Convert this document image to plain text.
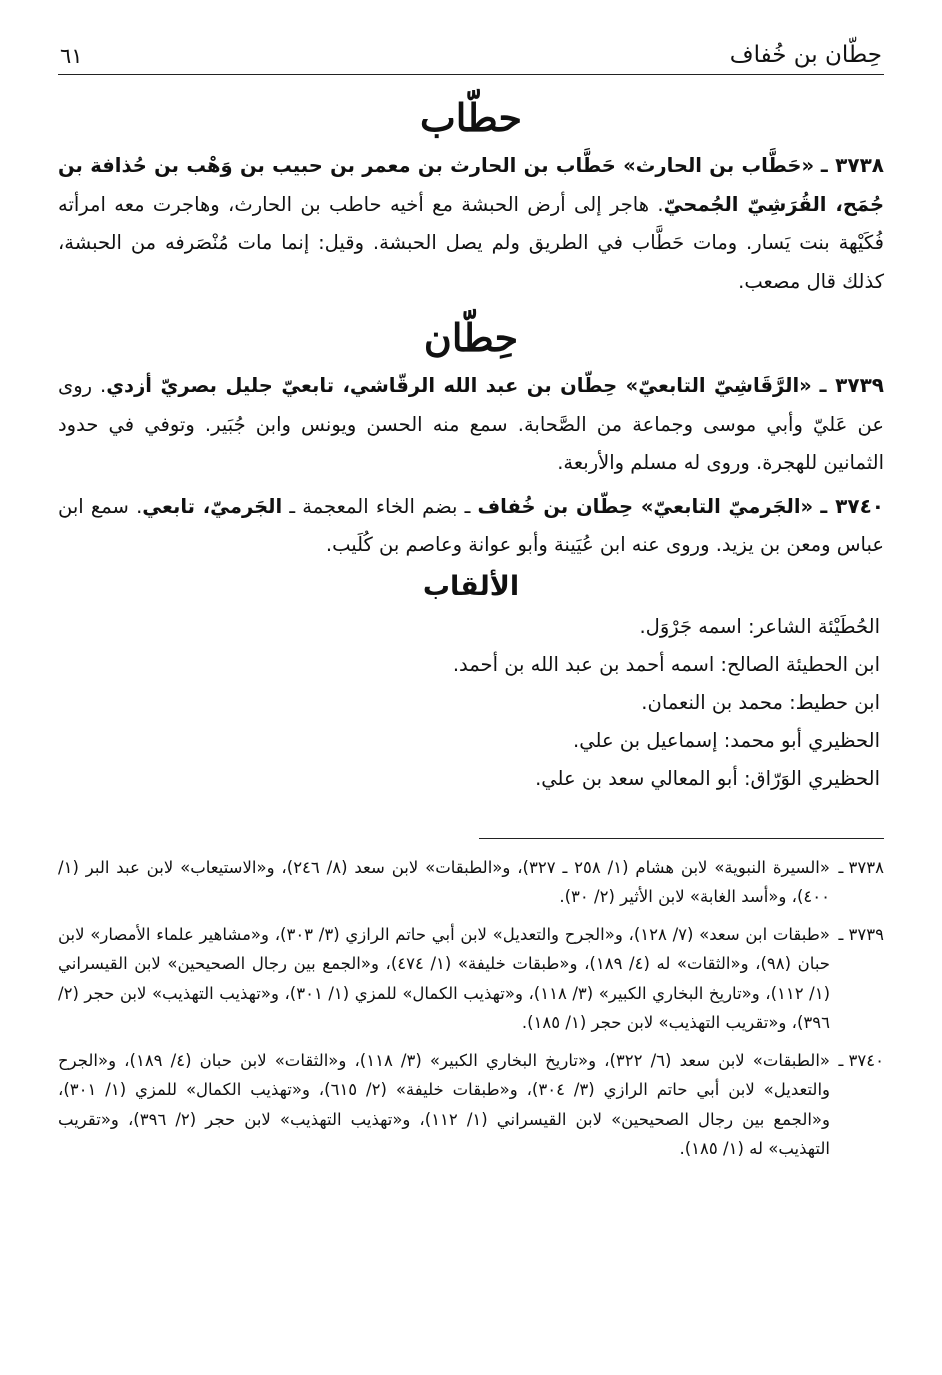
حِطّان بن خُفاف
٦١
حطّاب

٣٧٣٨ ـ «حَطَّاب بن الحارث» حَطَّاب بن الحارث بن معمر بن حبيب بن وَهْب بن حُذافة بن جُمَح، القُرَشِيّ الجُمحيّ. هاجر إلى أرض الحبشة مع أخيه حاطب بن الحارث، وهاجرت معه امرأته فُكَيْهة بنت يَسار. ومات حَطَّاب في الطريق ولم يصل الحبشة. وقيل: إنما مات مُنْصَرفه من الحبشة، كذلك قال مصعب.

حِطّان

٣٧٣٩ ـ «الرَّقَاشِيّ التابعيّ» حِطّان بن عبد الله الرقّاشي، تابعيّ جليل بصريّ أزدي. روى عن عَليّ وأبي موسى وجماعة من الصَّحابة. سمع منه الحسن ويونس وابن جُبَير. وتوفي في حدود الثمانين للهجرة. وروى له مسلم والأربعة.

٣٧٤٠ ـ «الجَرميّ التابعيّ» حِطّان بن خُفاف ـ بضم الخاء المعجمة ـ الجَرميّ، تابعي. سمع ابن عباس ومعن بن يزيد. وروى عنه ابن عُيَينة وأبو عوانة وعاصم بن كُلَيب.

الألقاب
الحُطَيْئة الشاعر: اسمه جَرْوَل.
ابن الحطيئة الصالح: اسمه أحمد بن عبد الله بن أحمد.
ابن حطيط: محمد بن النعمان.
الحظيري أبو محمد: إسماعيل بن علي.
الحظيري الوَرّاق: أبو المعالي سعد بن علي.
٣٧٣٨ ـ
«السيرة النبوية» لابن هشام (١/ ٢٥٨ ـ ٣٢٧)، و«الطبقات» لابن سعد (٨/ ٢٤٦)، و«الاستيعاب» لابن عبد البر (١/ ٤٠٠)، و«أسد الغابة» لابن الأثير (٢/ ٣٠).
٣٧٣٩ ـ
«طبقات ابن سعد» (٧/ ١٢٨)، و«الجرح والتعديل» لابن أبي حاتم الرازي (٣/ ٣٠٣)، و«مشاهير علماء الأمصار» لابن حبان (٩٨)، و«الثقات» له (٤/ ١٨٩)، و«طبقات خليفة» (١/ ٤٧٤)، و«الجمع بين رجال الصحيحين» لابن القيسراني (١/ ١١٢)، و«تاريخ البخاري الكبير» (٣/ ١١٨)، و«تهذيب الكمال» للمزي (١/ ٣٠١)، و«تهذيب التهذيب» لابن حجر (٢/ ٣٩٦)، و«تقريب التهذيب» لابن حجر (١/ ١٨٥).
٣٧٤٠ ـ
«الطبقات» لابن سعد (٦/ ٣٢٢)، و«تاريخ البخاري الكبير» (٣/ ١١٨)، و«الثقات» لابن حبان (٤/ ١٨٩)، و«الجرح والتعديل» لابن أبي حاتم الرازي (٣/ ٣٠٤)، و«طبقات خليفة» (٢/ ٦١٥)، و«تهذيب الكمال» للمزي (١/ ٣٠١)، و«الجمع بين رجال الصحيحين» لابن القيسراني (١/ ١١٢)، و«تهذيب التهذيب» لابن حجر (٢/ ٣٩٦)، و«تقريب التهذيب» له (١/ ١٨٥).
